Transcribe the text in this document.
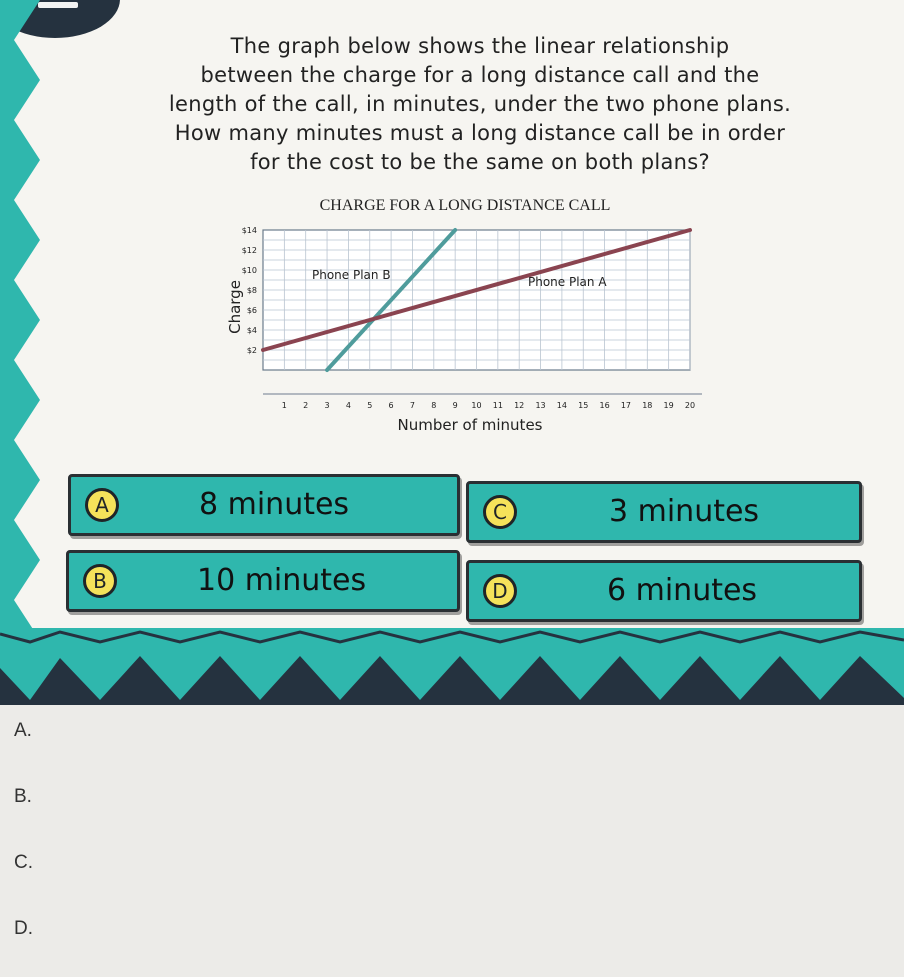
The graph below shows the linear relationship
between the charge for a long distance call and the
length of the call, in minutes, under the two phone plans.
How many minutes must a long distance call be in order
for the cost to be the same on both plans?
CHARGE FOR A LONG DISTANCE CALL
1 2 3 4 5 6 7 8 9 10 11 12 13 14 15 16 17 18 19 20
$2
$4
$6
$8
$10
$12
$14
Charge
Number of minutes
Phone Plan B	Phone Plan A
A	8 minutes	C	3 minutes
B	10 minutes	D	6 minutes
A.
B.
C.
D.
